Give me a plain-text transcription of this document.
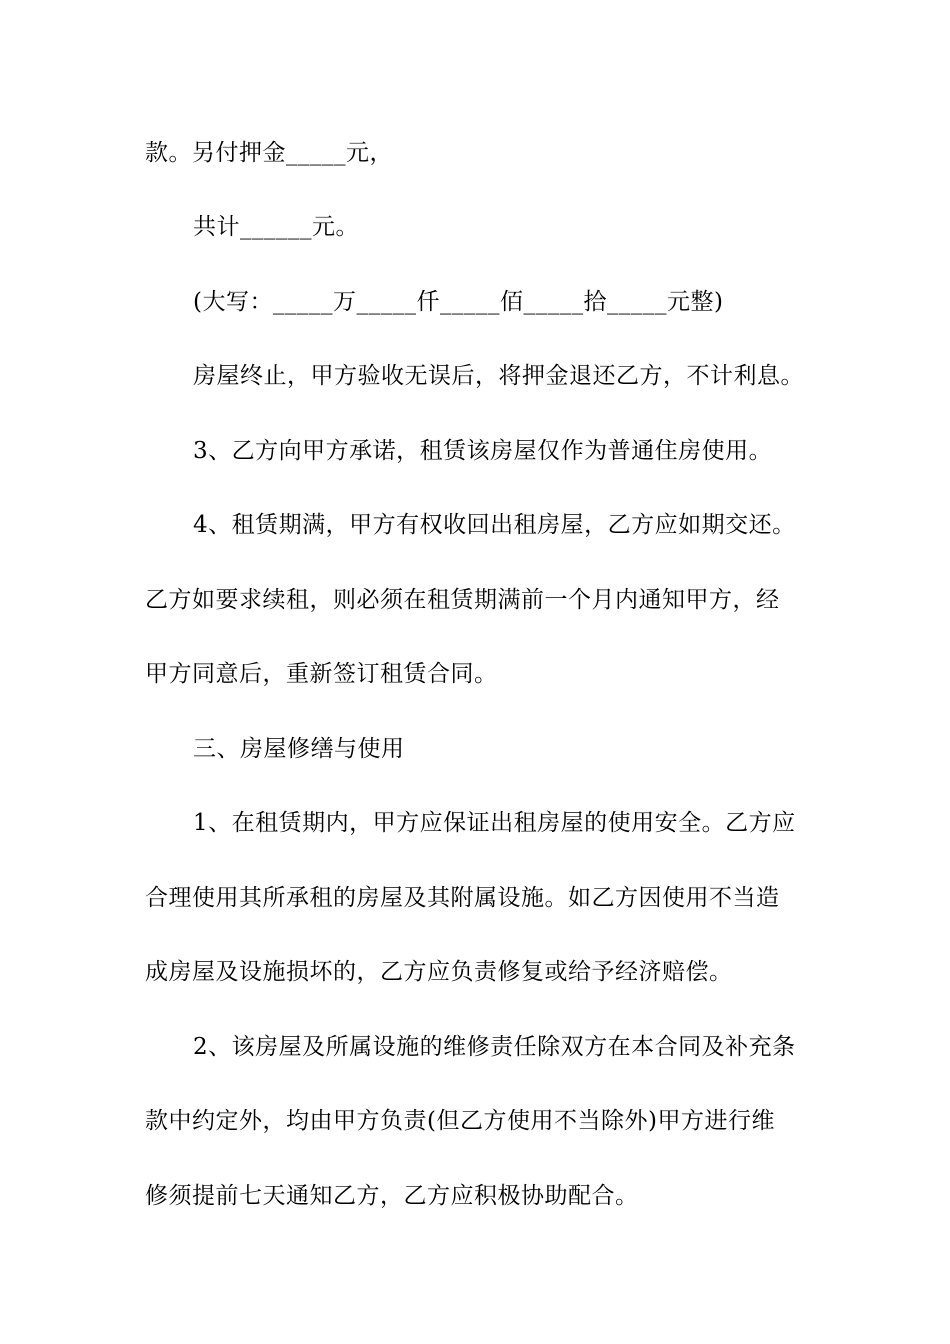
款。另付押金_____元，
共计______元。
(大写：_____万_____仟_____佰_____拾_____元整)
房屋终止，甲方验收无误后，将押金退还乙方，不计利息。
3、乙方向甲方承诺，租赁该房屋仅作为普通住房使用。
4、租赁期满，甲方有权收回出租房屋，乙方应如期交还。
乙方如要求续租，则必须在租赁期满前一个月内通知甲方，经
甲方同意后，重新签订租赁合同。
三、房屋修缮与使用
1、在租赁期内，甲方应保证出租房屋的使用安全。乙方应
合理使用其所承租的房屋及其附属设施。如乙方因使用不当造
成房屋及设施损坏的，乙方应负责修复或给予经济赔偿。
2、该房屋及所属设施的维修责任除双方在本合同及补充条
款中约定外，均由甲方负责(但乙方使用不当除外)甲方进行维
修须提前七天通知乙方，乙方应积极协助配合。
